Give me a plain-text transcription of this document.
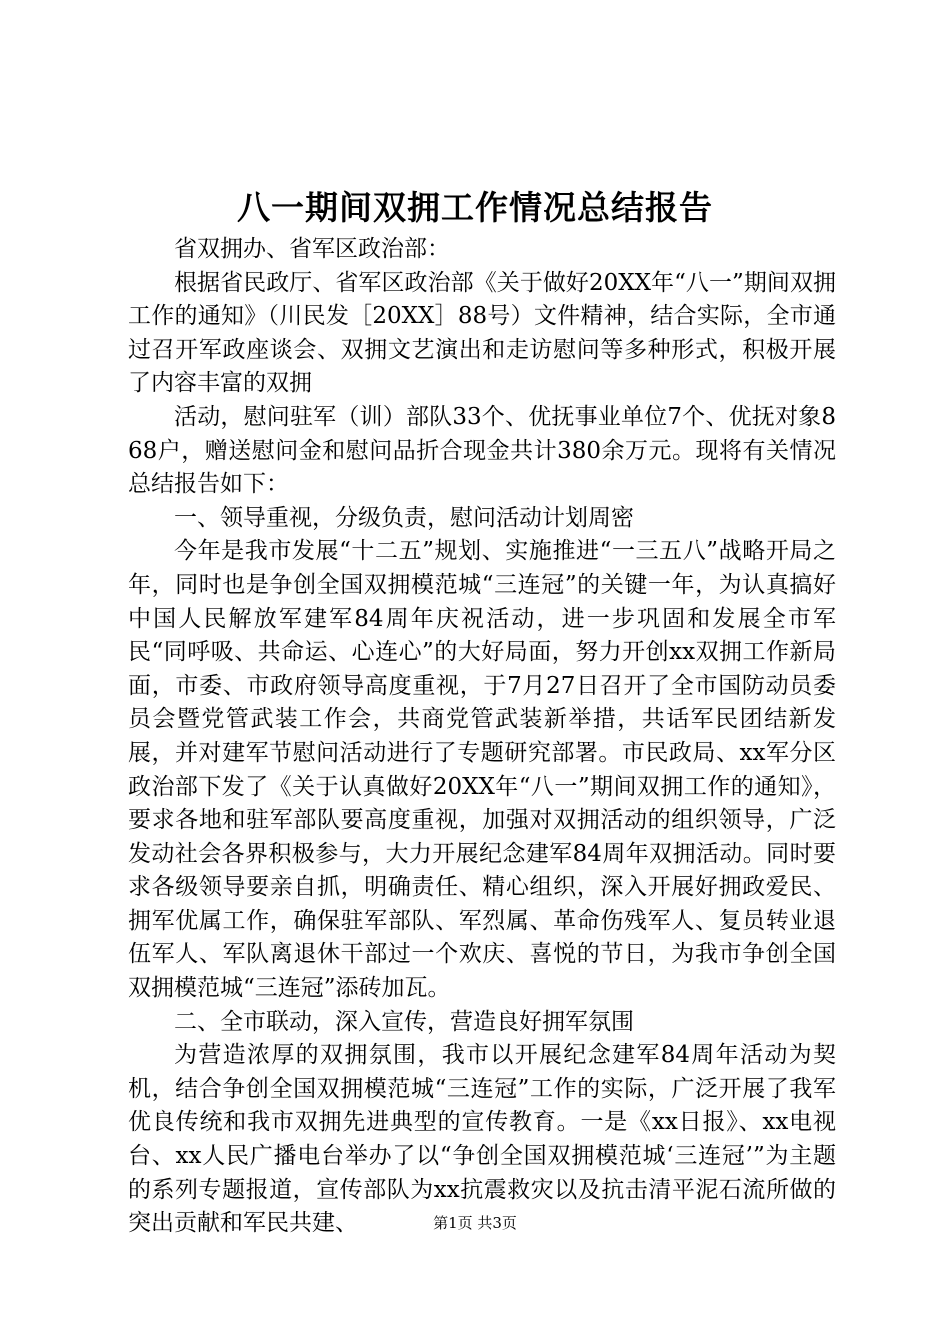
八一期间双拥工作情况总结报告

省双拥办、省军区政治部：

根据省民政厅、省军区政治部《关于做好20XX年“八一”期间双拥工作的通知》（川民发［20XX］88号）文件精神，结合实际，全市通过召开军政座谈会、双拥文艺演出和走访慰问等多种形式，积极开展了内容丰富的双拥

活动，慰问驻军（训）部队33个、优抚事业单位7个、优抚对象868户，赠送慰问金和慰问品折合现金共计380余万元。现将有关情况总结报告如下：

一、领导重视，分级负责，慰问活动计划周密

今年是我市发展“十二五”规划、实施推进“一三五八”战略开局之年，同时也是争创全国双拥模范城“三连冠”的关键一年，为认真搞好中国人民解放军建军84周年庆祝活动，进一步巩固和发展全市军民“同呼吸、共命运、心连心”的大好局面，努力开创xx双拥工作新局面，市委、市政府领导高度重视，于7月27日召开了全市国防动员委员会暨党管武装工作会，共商党管武装新举措，共话军民团结新发展，并对建军节慰问活动进行了专题研究部署。市民政局、xx军分区政治部下发了《关于认真做好20XX年“八一”期间双拥工作的通知》，要求各地和驻军部队要高度重视，加强对双拥活动的组织领导，广泛发动社会各界积极参与，大力开展纪念建军84周年双拥活动。同时要求各级领导要亲自抓，明确责任、精心组织，深入开展好拥政爱民、拥军优属工作，确保驻军部队、军烈属、革命伤残军人、复员转业退伍军人、军队离退休干部过一个欢庆、喜悦的节日，为我市争创全国双拥模范城“三连冠”添砖加瓦。

二、全市联动，深入宣传，营造良好拥军氛围

为营造浓厚的双拥氛围，我市以开展纪念建军84周年活动为契机，结合争创全国双拥模范城“三连冠”工作的实际，广泛开展了我军优良传统和我市双拥先进典型的宣传教育。一是《xx日报》、xx电视台、xx人民广播电台举办了以“争创全国双拥模范城‘三连冠’”为主题的系列专题报道，宣传部队为xx抗震救灾以及抗击清平泥石流所做的突出贡献和军民共建、	第1页 共3页
